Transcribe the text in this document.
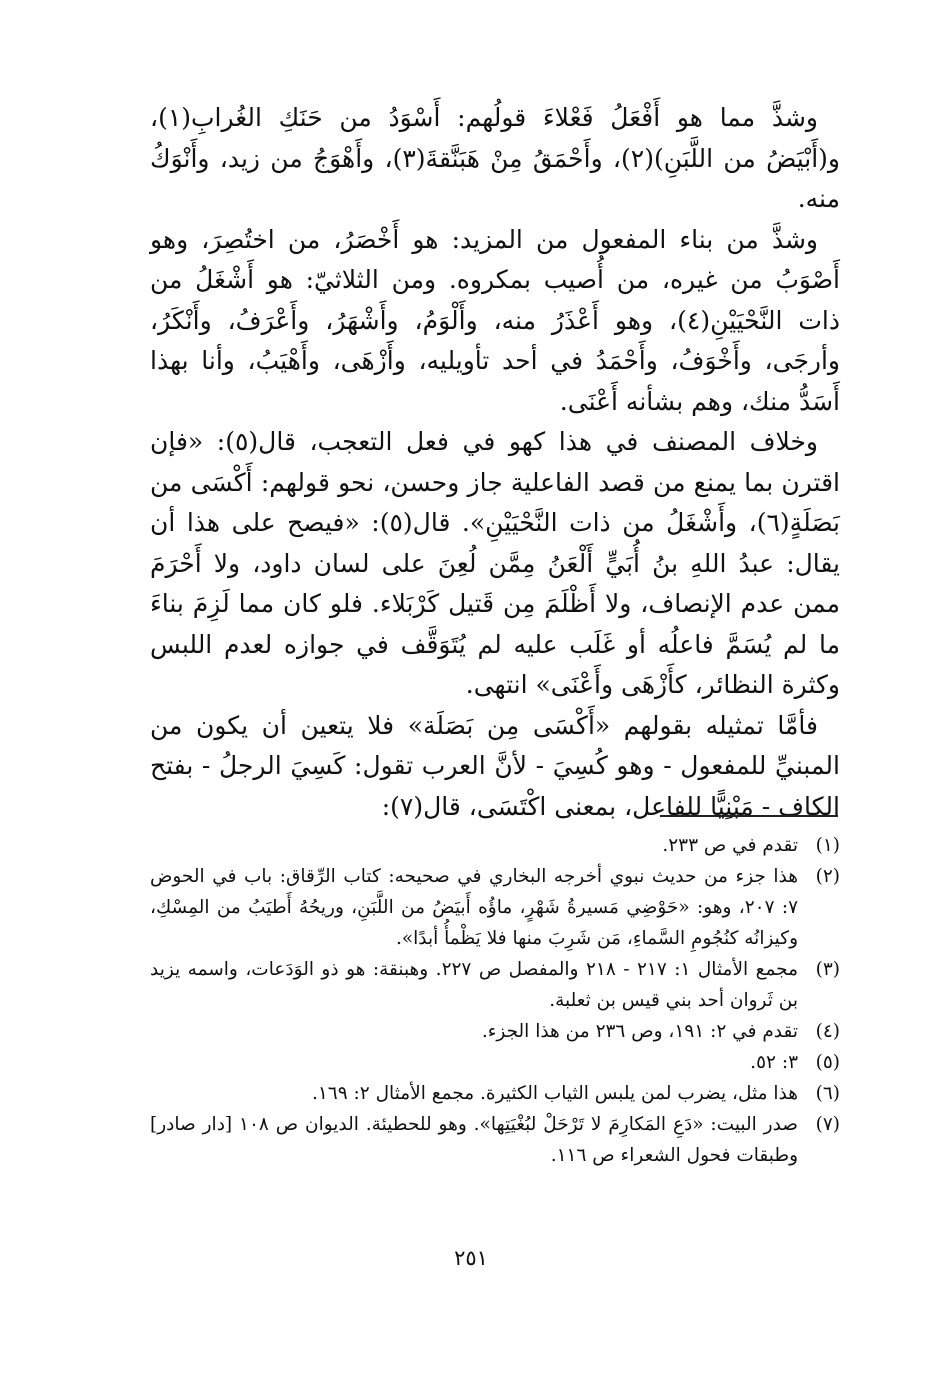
وشذَّ مما هو أَفْعَلُ فَعْلاءَ قولُهم: أَسْوَدُ من حَنَكِ الغُرابِ(١)، و(أَبْيَضُ من اللَّبَنِ)(٢)، وأَحْمَقُ مِنْ هَبَنَّقةَ(٣)، وأَهْوَجُ من زيد، وأَنْوَكُ منه.

وشذَّ من بناء المفعول من المزيد: هو أَخْصَرُ، من اختُصِرَ، وهو أَصْوَبُ من غيره، من أُصيب بمكروه. ومن الثلاثيّ: هو أَشْغَلُ من ذات النَّحْيَيْنِ(٤)، وهو أَعْذَرُ منه، وأَلْوَمُ، وأَشْهَرُ، وأَعْرَفُ، وأَنْكَرُ، وأرجَى، وأَخْوَفُ، وأَحْمَدُ في أحد تأويليه، وأَزْهَى، وأَهْيَبُ، وأنا بهذا أَسَدُّ منك، وهم بشأنه أَعْنَى.

وخلاف المصنف في هذا كهو في فعل التعجب، قال(٥): «فإن اقترن بما يمنع من قصد الفاعلية جاز وحسن، نحو قولهم: أَكْسَى من بَصَلَةٍ(٦)، وأَشْغَلُ من ذات النَّحْيَيْنِ». قال(٥): «فيصح على هذا أن يقال: عبدُ اللهِ بنُ أُبَيٍّ أَلْعَنُ مِمَّن لُعِنَ على لسان داود، ولا أَحْرَمَ ممن عدم الإنصاف، ولا أَظْلَمَ مِن قَتيل كَرْبَلاء. فلو كان مما لَزِمَ بناءَ ما لم يُسَمَّ فاعلُه أو غَلَب عليه لم يُتَوَقَّف في جوازه لعدم اللبس وكثرة النظائر، كأَزْهَى وأَعْنَى» انتهى.

فأمَّا تمثيله بقولهم «أَكْسَى مِن بَصَلَة» فلا يتعين أن يكون من المبنيِّ للمفعول - وهو كُسِيَ - لأنَّ العرب تقول: كَسِيَ الرجلُ - بفتح الكاف - مَبْنِيًّا للفاعل، بمعنى اكْتَسَى، قال(٧):

(١)
تقدم في ص ٢٣٣.

(٢)
هذا جزء من حديث نبوي أخرجه البخاري في صحيحه: كتاب الرِّقاق: باب في الحوض ٧: ٢٠٧، وهو: «حَوْضِي مَسيرةُ شَهْرٍ، ماؤُه أَبيَضُ من اللَّبَنِ، وريحُهُ أَطيَبُ من المِسْكِ، وكيزانُه كنُجُومِ السَّماءِ، مَن شَرِبَ منها فلا يَظْمأُ أبدًا».

(٣)
مجمع الأمثال ١: ٢١٧ - ٢١٨ والمفصل ص ٢٢٧. وهبنقة: هو ذو الوَدَعات، واسمه يزيد بن ثَروان أحد بني قيس بن ثعلبة.

(٤)
تقدم في ٢: ١٩١، وص ٢٣٦ من هذا الجزء.

(٥)
٣: ٥٢.

(٦)
هذا مثل، يضرب لمن يلبس الثياب الكثيرة. مجمع الأمثال ٢: ١٦٩.

(٧)
صدر البيت: «دَعِ المَكارِمَ لا تَرْحَلْ لبُغْيَتِها». وهو للحطيئة. الديوان ص ١٠٨ [دار صادر] وطبقات فحول الشعراء ص ١١٦.

٢٥١
